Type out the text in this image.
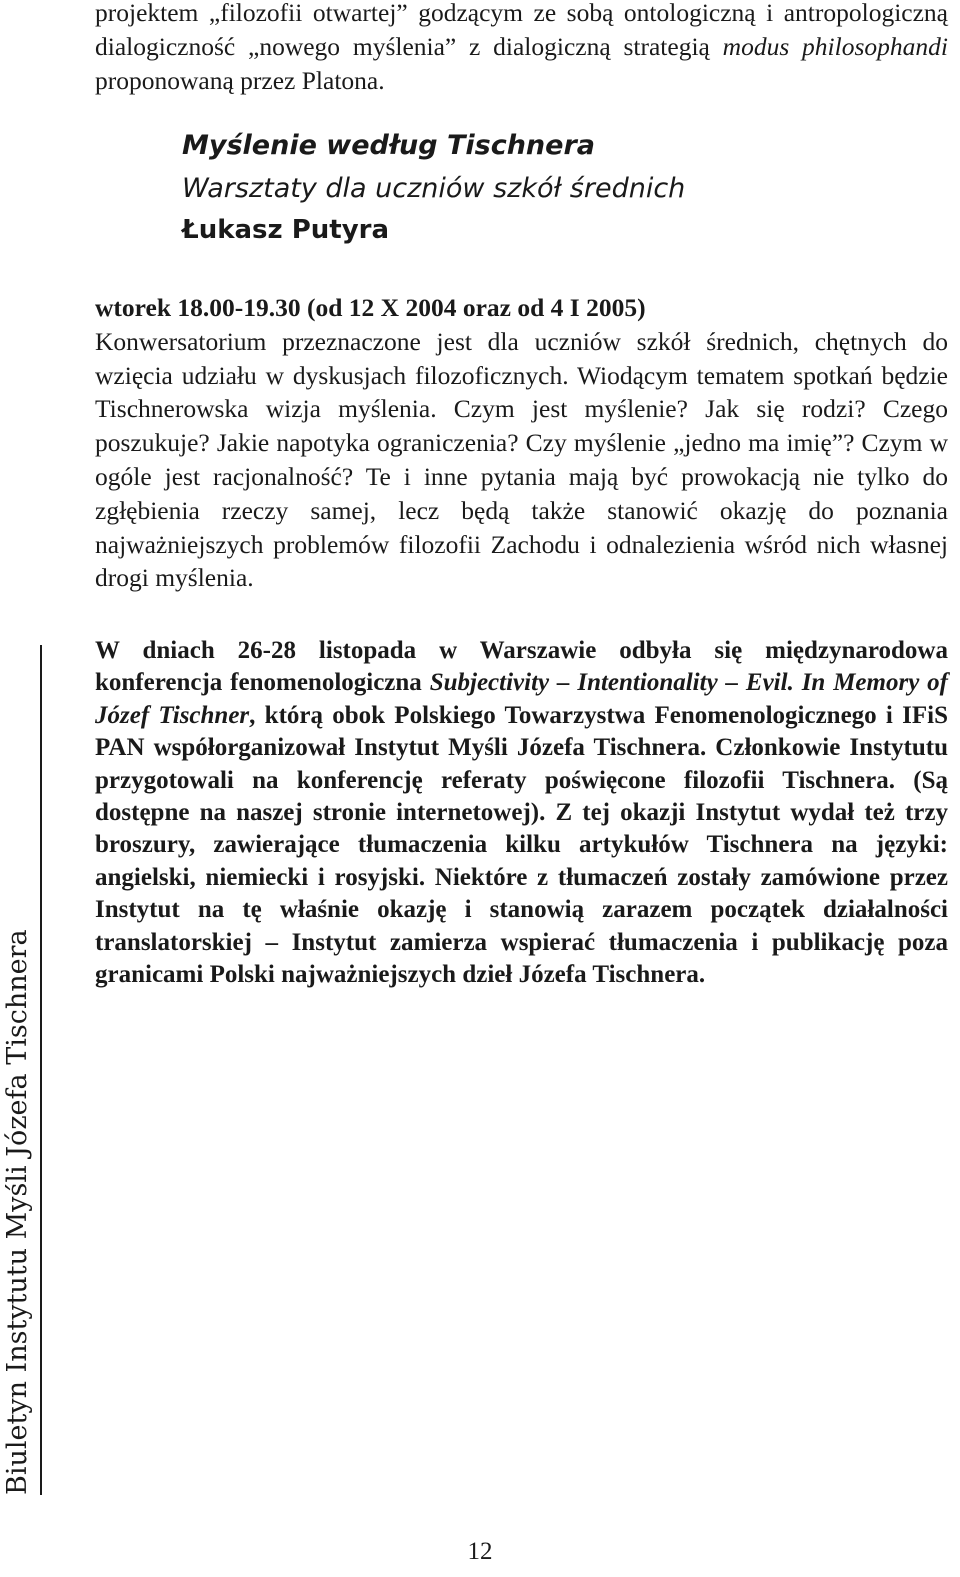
projektem „filozofii otwartej” godzącym ze sobą ontologiczną i antropologiczną dialogiczność „nowego myślenia” z dialogiczną strategią modus philosophandi proponowaną przez Platona.

Myślenie według Tischnera
Warsztaty dla uczniów szkół średnich
Łukasz Putyra

wtorek 18.00-19.30 (od 12 X 2004 oraz od 4 I 2005)

Konwersatorium przeznaczone jest dla uczniów szkół średnich, chętnych do wzięcia udziału w dyskusjach filozoficznych. Wiodącym tematem spotkań będzie Tischnerowska wizja myślenia. Czym jest myślenie? Jak się rodzi? Czego poszukuje? Jakie napotyka ograniczenia? Czy myślenie „jedno ma imię”? Czym w ogóle jest racjonalność? Te i inne pytania mają być prowokacją nie tylko do zgłębienia rzeczy samej, lecz będą także stanowić okazję do poznania najważniejszych problemów filozofii Zachodu i odnalezienia wśród nich własnej drogi myślenia.

W dniach 26-28 listopada w Warszawie odbyła się międzynarodowa konferencja fenomenologiczna Subjectivity – Intentionality – Evil. In Memory of Józef Tischner, którą obok Polskiego Towarzystwa Fenomenologicznego i IFiS PAN współorganizował Instytut Myśli Józefa Tischnera. Członkowie Instytutu przygotowali na konferencję referaty poświęcone filozofii Tischnera. (Są dostępne na naszej stronie internetowej). Z tej okazji Instytut wydał też trzy broszury, zawierające tłumaczenia kilku artykułów Tischnera na języki: angielski, niemiecki i rosyjski. Niektóre z tłumaczeń zostały zamówione przez Instytut na tę właśnie okazję i stanowią zarazem początek działalności translatorskiej – Instytut zamierza wspierać tłumaczenia i publikację poza granicami Polski najważniejszych dzieł Józefa Tischnera.

Biuletyn Instytutu Myśli Józefa Tischnera
12
